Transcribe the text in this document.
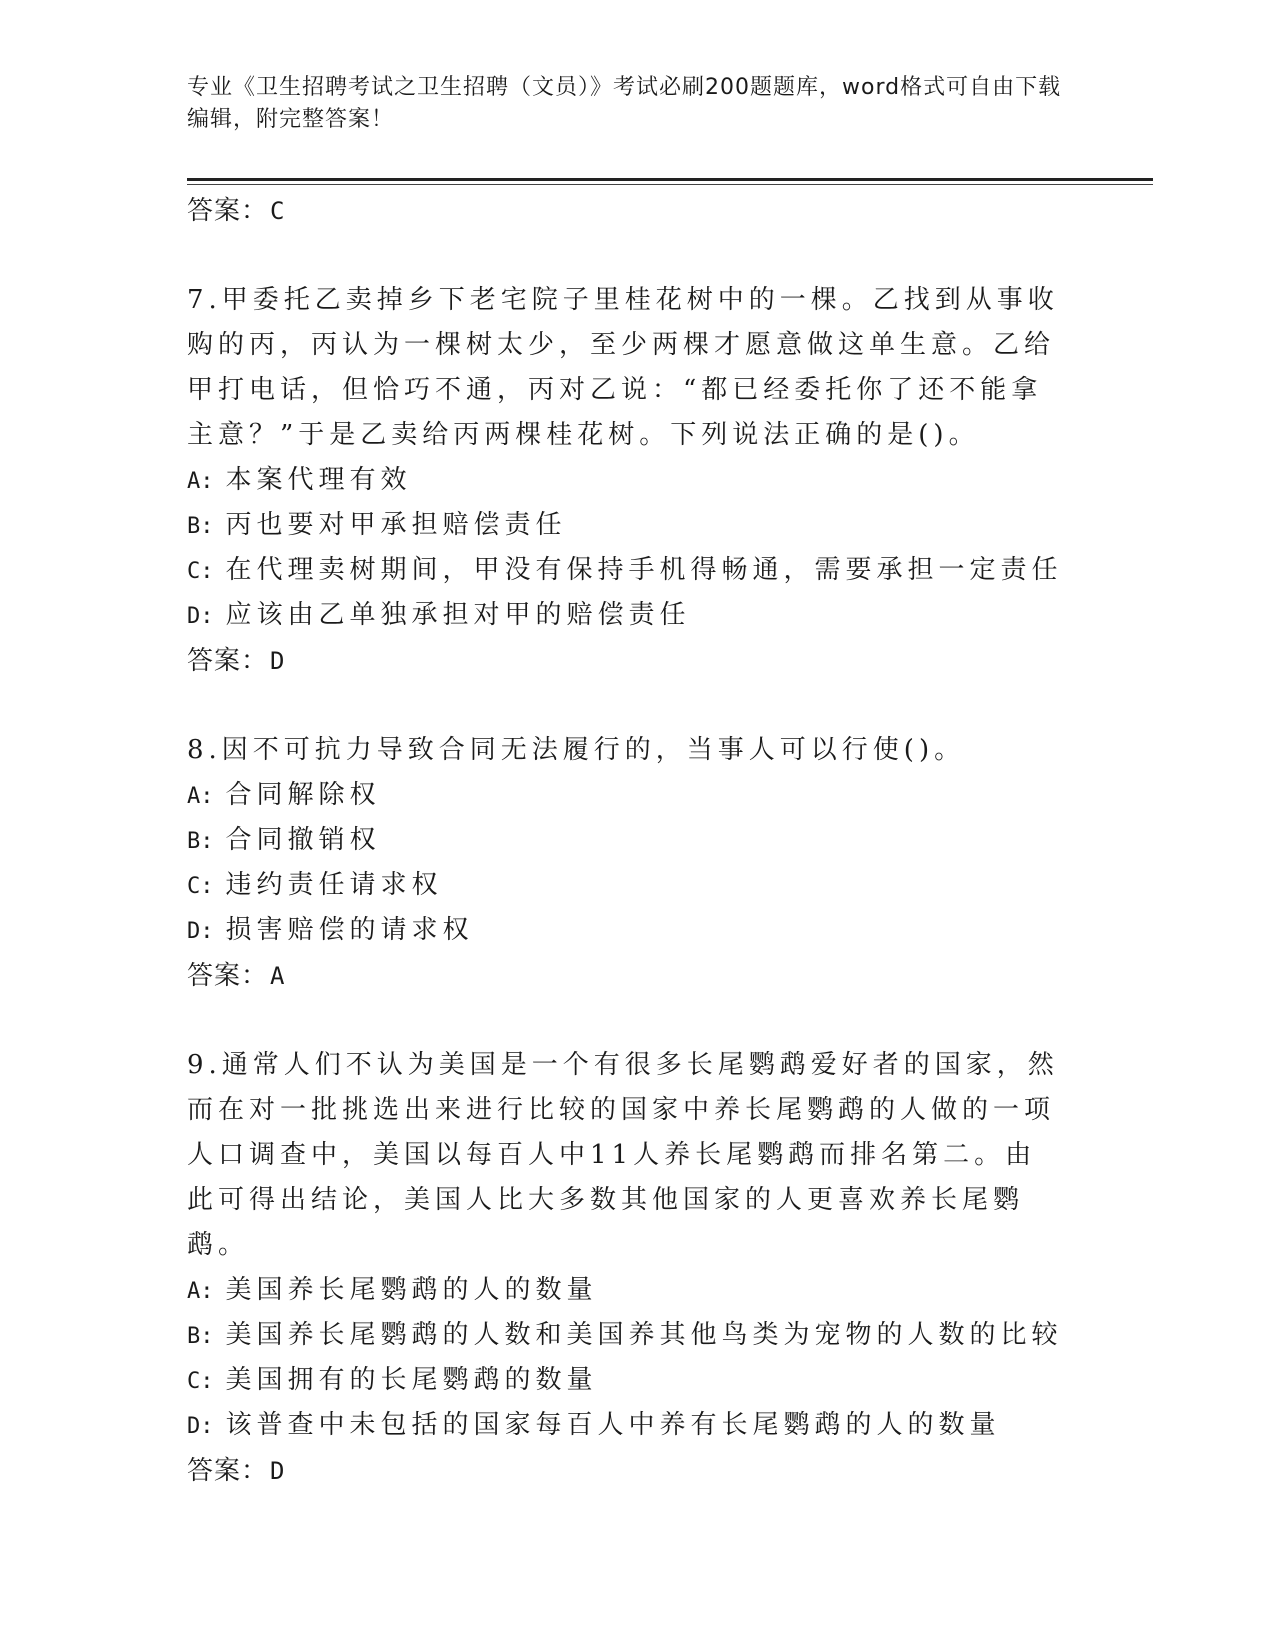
专业《卫生招聘考试之卫生招聘（文员）》考试必刷200题题库，word格式可自由下载编辑，附完整答案！

答案：C

7.甲委托乙卖掉乡下老宅院子里桂花树中的一棵。乙找到从事收购的丙，丙认为一棵树太少，至少两棵才愿意做这单生意。乙给甲打电话，但恰巧不通，丙对乙说：“都已经委托你了还不能拿主意？”于是乙卖给丙两棵桂花树。下列说法正确的是()。

A: 本案代理有效

B: 丙也要对甲承担赔偿责任

C: 在代理卖树期间，甲没有保持手机得畅通，需要承担一定责任

D: 应该由乙单独承担对甲的赔偿责任

答案：D

8.因不可抗力导致合同无法履行的，当事人可以行使()。

A: 合同解除权

B: 合同撤销权

C: 违约责任请求权

D: 损害赔偿的请求权

答案：A

9.通常人们不认为美国是一个有很多长尾鹦鹉爱好者的国家，然而在对一批挑选出来进行比较的国家中养长尾鹦鹉的人做的一项人口调查中，美国以每百人中11人养长尾鹦鹉而排名第二。由此可得出结论，美国人比大多数其他国家的人更喜欢养长尾鹦鹉。

A: 美国养长尾鹦鹉的人的数量

B: 美国养长尾鹦鹉的人数和美国养其他鸟类为宠物的人数的比较

C: 美国拥有的长尾鹦鹉的数量

D: 该普查中未包括的国家每百人中养有长尾鹦鹉的人的数量

答案：D
